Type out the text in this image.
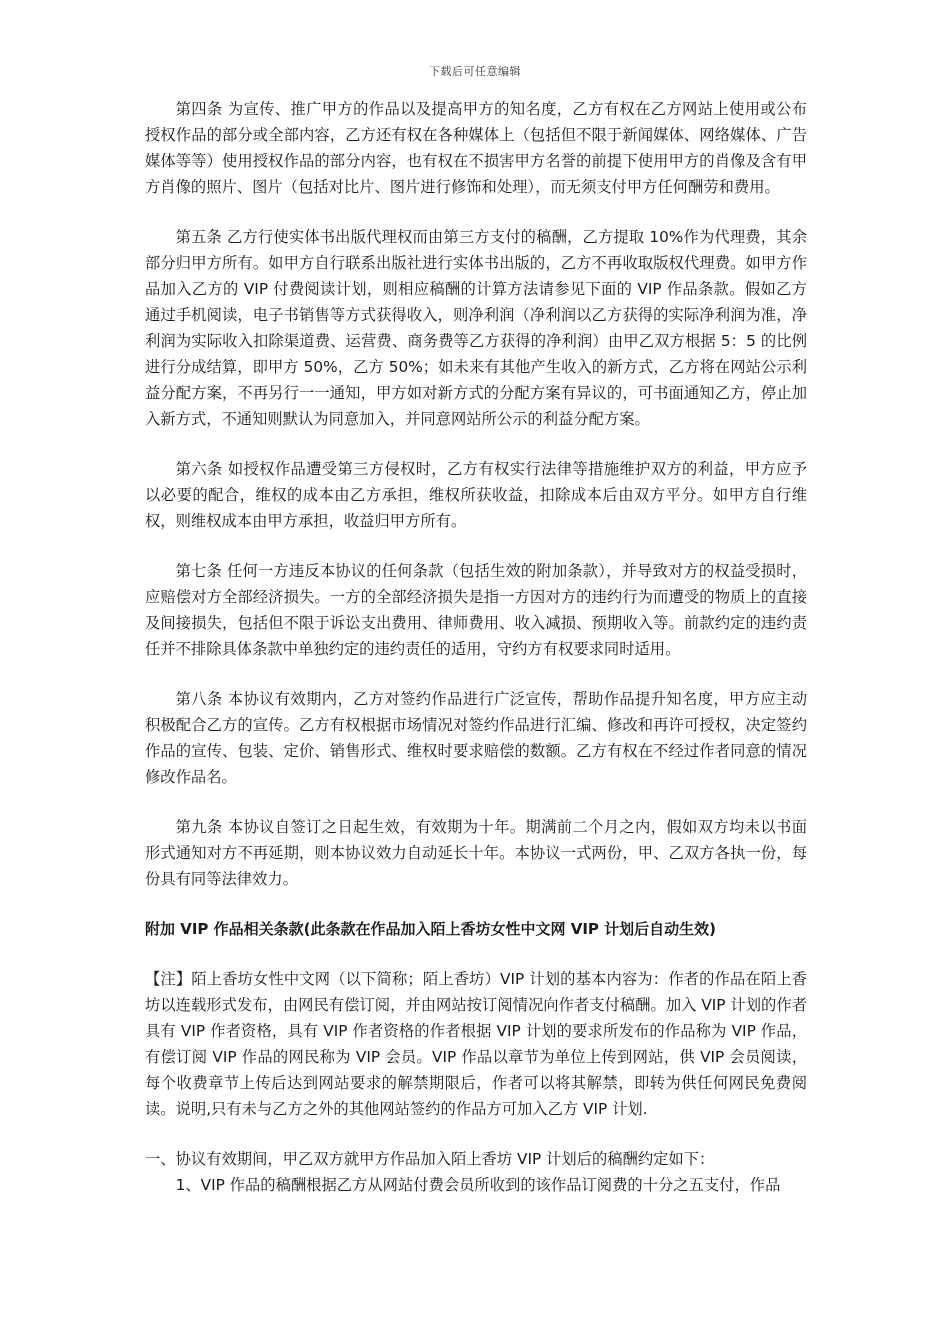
下载后可任意编辑

第四条 为宣传、推广甲方的作品以及提高甲方的知名度，乙方有权在乙方网站上使用或公布授权作品的部分或全部内容，乙方还有权在各种媒体上（包括但不限于新闻媒体、网络媒体、广告媒体等等）使用授权作品的部分内容，也有权在不损害甲方名誉的前提下使用甲方的肖像及含有甲方肖像的照片、图片（包括对比片、图片进行修饰和处理），而无须支付甲方任何酬劳和费用。

第五条 乙方行使实体书出版代理权而由第三方支付的稿酬，乙方提取 10%作为代理费，其余部分归甲方所有。如甲方自行联系出版社进行实体书出版的，乙方不再收取版权代理费。如甲方作品加入乙方的 VIP 付费阅读计划，则相应稿酬的计算方法请参见下面的 VIP 作品条款。假如乙方通过手机阅读，电子书销售等方式获得收入，则净利润（净利润以乙方获得的实际净利润为准，净利润为实际收入扣除渠道费、运营费、商务费等乙方获得的净利润）由甲乙双方根据 5：5 的比例进行分成结算，即甲方 50%，乙方 50%；如未来有其他产生收入的新方式，乙方将在网站公示利益分配方案，不再另行一一通知，甲方如对新方式的分配方案有异议的，可书面通知乙方，停止加入新方式，不通知则默认为同意加入，并同意网站所公示的利益分配方案。

第六条 如授权作品遭受第三方侵权时，乙方有权实行法律等措施维护双方的利益，甲方应予以必要的配合，维权的成本由乙方承担，维权所获收益，扣除成本后由双方平分。如甲方自行维权，则维权成本由甲方承担，收益归甲方所有。

第七条 任何一方违反本协议的任何条款（包括生效的附加条款），并导致对方的权益受损时，应赔偿对方全部经济损失。一方的全部经济损失是指一方因对方的违约行为而遭受的物质上的直接及间接损失，包括但不限于诉讼支出费用、律师费用、收入减损、预期收入等。前款约定的违约责任并不排除具体条款中单独约定的违约责任的适用，守约方有权要求同时适用。

第八条 本协议有效期内，乙方对签约作品进行广泛宣传，帮助作品提升知名度，甲方应主动积极配合乙方的宣传。乙方有权根据市场情况对签约作品进行汇编、修改和再许可授权，决定签约作品的宣传、包装、定价、销售形式、维权时要求赔偿的数额。乙方有权在不经过作者同意的情况修改作品名。

第九条 本协议自签订之日起生效，有效期为十年。期满前二个月之内，假如双方均未以书面形式通知对方不再延期，则本协议效力自动延长十年。本协议一式两份，甲、乙双方各执一份，每份具有同等法律效力。

附加 VIP 作品相关条款(此条款在作品加入陌上香坊女性中文网 VIP 计划后自动生效)

【注】陌上香坊女性中文网（以下简称；陌上香坊）VIP 计划的基本内容为：作者的作品在陌上香坊以连载形式发布，由网民有偿订阅，并由网站按订阅情况向作者支付稿酬。加入 VIP 计划的作者具有 VIP 作者资格，具有 VIP 作者资格的作者根据 VIP 计划的要求所发布的作品称为 VIP 作品，有偿订阅 VIP 作品的网民称为 VIP 会员。VIP 作品以章节为单位上传到网站，供 VIP 会员阅读，每个收费章节上传后达到网站要求的解禁期限后，作者可以将其解禁，即转为供任何网民免费阅读。说明,只有未与乙方之外的其他网站签约的作品方可加入乙方 VIP 计划.

一、协议有效期间，甲乙双方就甲方作品加入陌上香坊 VIP 计划后的稿酬约定如下：

1、VIP 作品的稿酬根据乙方从网站付费会员所收到的该作品订阅费的十分之五支付，作品
